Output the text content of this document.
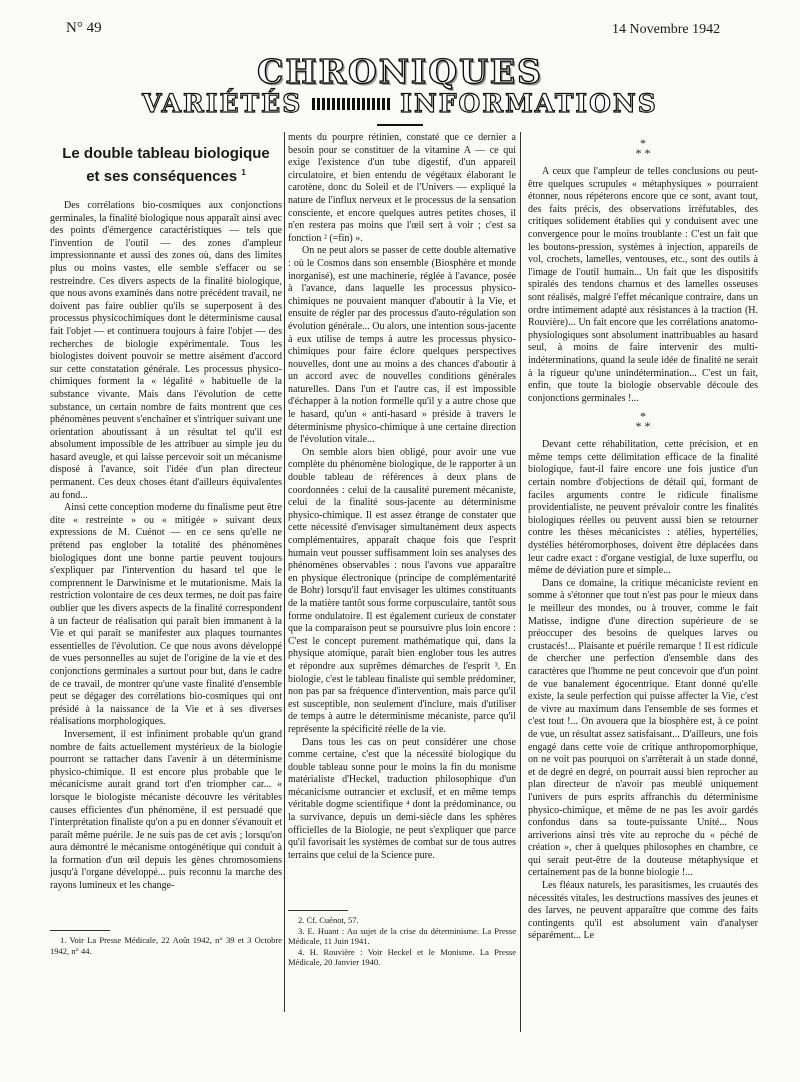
N° 49	14 Novembre 1942
CHRONIQUES
VARIÉTÉS	INFORMATIONS
Le double tableau biologique
et ses conséquences $^1$

Des corrélations bio-cosmiques aux conjonctions germinales, la finalité biologique nous apparaît ainsi avec des points d'émergence caractéristiques — tels que l'invention de l'outil — des zones d'ampleur impressionnante et aussi des zones où, dans des limites plus ou moins vastes, elle semble s'effacer ou se restreindre. Ces divers aspects de la finalité biologique, que nous avons examinés dans notre précédent travail, ne doivent pas faire oublier qu'ils se superposent à des processus physicochimiques dont le déterminisme causal fait l'objet — et continuera toujours à faire l'objet — des recherches de biologie expérimentale. Tous les biologistes doivent pouvoir se mettre aisément d'accord sur cette constatation générale. Les processus physico-chimiques forment la « légalité » habituelle de la substance vivante. Mais dans l'évolution de cette substance, un certain nombre de faits montrent que ces phénomènes peuvent s'enchaîner et s'intriquer suivant une orientation aboutissant à un résultat tel qu'il est absolument impossible de les attribuer au simple jeu du hasard aveugle, et qui laisse percevoir soit un mécanisme disposé à l'avance, soit l'idée d'un plan directeur permanent. Ces deux choses étant d'ailleurs équivalentes au fond...

Ainsi cette conception moderne du finalisme peut être dite « restreinte » ou « mitigée » suivant deux expressions de M. Cuénot — en ce sens qu'elle ne prétend pas englober la totalité des phénomènes biologiques dont une bonne partie peuvent toujours s'expliquer par l'intervention du hasard tel que le comprennent le Darwinisme et le mutationisme. Mais la restriction volontaire de ces deux termes, ne doit pas faire oublier que les divers aspects de la finalité correspondent à un facteur de réalisation qui paraît bien immanent à la Vie et qui paraît se manifester aux plaques tournantes essentielles de l'évolution. Ce que nous avons développé de vues personnelles au sujet de l'origine de la vie et des conjonctions germinales a surtout pour but, dans le cadre de ce travail, de montrer qu'une vaste finalité d'ensemble peut se dégager des corrélations bio-cosmiques qui ont présidé à la naissance de la Vie et à ses diverses réalisations morphologiques.

Inversement, il est infiniment probable qu'un grand nombre de faits actuellement mystérieux de la biologie pourront se rattacher dans l'avenir à un déterminisme physico-chimique. Il est encore plus probable que le mécanicisme aurait grand tort d'en triompher car... « lorsque le biologiste mécaniste découvre les véritables causes efficientes d'un phénomène, il est persuadé que l'interprétation finaliste qu'on a pu en donner s'évanouit et paraît même puérile. Je ne suis pas de cet avis ; lorsqu'on aura démontré le mécanisme ontogénétique qui conduit à la formation d'un œil depuis les gènes chromosomiens jusqu'à l'organe développé... puis reconnu la marche des rayons lumineux et les change-

1. Voir La Presse Médicale, 22 Août 1942, n° 39 et 3 Octobre 1942, n° 44.

ments du pourpre rétinien, constaté que ce dernier a besoin pour se constituer de la vitamine A — ce qui exige l'existence d'un tube digestif, d'un appareil circulatoire, et bien entendu de végétaux élaborant le carotène, donc du Soleil et de l'Univers — expliqué la nature de l'influx nerveux et le processus de la sensation consciente, et encore quelques autres petites choses, il n'en restera pas moins que l'œil sert à voir ; c'est sa fonction ² (=fin) ».

On ne peut alors se passer de cette double alternative : où le Cosmos dans son ensemble (Biosphère et monde inorganisé), est une machinerie, réglée à l'avance, posée à l'avance, dans laquelle les processus physico-chimiques ne pouvaient manquer d'aboutir à la Vie, et ensuite de régler par des processus d'auto-régulation son évolution générale... Ou alors, une intention sous-jacente à eux utilise de temps à autre les processus physico-chimiques pour faire éclore quelques perspectives nouvelles, dont une au moins a des chances d'aboutir à un accord avec de nouvelles conditions générales naturelles. Dans l'un et l'autre cas, il est impossible d'échapper à la notion formelle qu'il y a autre chose que le hasard, qu'un « anti-hasard » préside à travers le déterminisme physico-chimique à une certaine direction de l'évolution vitale...

On semble alors bien obligé, pour avoir une vue complète du phénomène biologique, de le rapporter à un double tableau de références à deux plans de coordonnées : celui de la causalité purement mécaniste, celui de la finalité sous-jacente au déterminisme physico-chimique. Il est assez étrange de constater que cette nécessité d'envisager simultanément deux aspects complémentaires, apparaît chaque fois que l'esprit humain veut pousser suffisamment loin ses analyses des phénomènes observables : nous l'avons vue apparaître en physique électronique (principe de complémentarité de Bohr) lorsqu'il faut envisager les ultimes constituants de la matière tantôt sous forme corpusculaire, tantôt sous forme ondulatoire. Il est également curieux de constater que la comparaison peut se poursuivre plus loin encore : C'est le concept purement mathématique qui, dans la physique atomique, paraît bien englober tous les autres et répondre aux suprêmes démarches de l'esprit ³. En biologie, c'est le tableau finaliste qui semble prédominer, non pas par sa fréquence d'intervention, mais parce qu'il est susceptible, non seulement d'inclure, mais d'utiliser de temps à autre le déterminisme mécaniste, parce qu'il représente la spécificité réelle de la vie.

Dans tous les cas on peut considérer une chose comme certaine, c'est que la nécessité biologique du double tableau sonne pour le moins la fin du monisme matérialiste d'Heckel, traduction philosophique d'un mécanicisme outrancier et exclusif, et en même temps véritable dogme scientifique ⁴ dont la prédominance, ou la survivance, depuis un demi-siècle dans les sphères officielles de la Biologie, ne peut s'expliquer que parce qu'il favorisait les systèmes de combat sur de tous autres terrains que celui de la Science pure.

2. Cf. Cuénot, 57.

3. E. Huant : Au sujet de la crise du déterminisme. La Presse Médicale, 11 Juin 1941.

4. H. Rouvière : Voir Heckel et le Monisme. La Presse Médicale, 20 Janvier 1940.

*
* *

A ceux que l'ampleur de telles conclusions ou peut-être quelques scrupules « métaphysiques » pourraient étonner, nous répéterons encore que ce sont, avant tout, des faits précis, des observations irréfutables, des critiques solidement établies qui y conduisent avec une convergence pour le moins troublante : C'est un fait que les boutons-pression, systèmes à injection, appareils de vol, crochets, lamelles, ventouses, etc., sont des outils à l'image de l'outil humain... Un fait que les dispositifs spiralés des tendons charnus et des lamelles osseuses sont réalisés, malgré l'effet mécanique contraire, dans un ordre intimement adapté aux résistances à la traction (H. Rouvière)... Un fait encore que les corrélations anatomo-physiologiques sont absolument inattribuables au hasard seul, à moins de faire intervenir des multi-indéterminations, quand la seule idée de finalité ne serait à la rigueur qu'une unindétermination... C'est un fait, enfin, que toute la biologie observable découle des conjonctions germinales !...

*
* *

Devant cette réhabilitation, cette précision, et en même temps cette délimitation efficace de la finalité biologique, faut-il faire encore une fois justice d'un certain nombre d'objections de détail qui, formant de faciles arguments contre le ridicule finalisme providentialiste, ne peuvent prévaloir contre les finalités biologiques réelles ou peuvent aussi bien se retourner contre les thèses mécanicistes : atélies, hypertélies, dystélies hétéromorphoses, doivent être déplacées dans leur cadre exact : d'organe vestigial, de luxe superflu, ou même de déviation pure et simple...

Dans ce domaine, la critique mécaniciste revient en somme à s'étonner que tout n'est pas pour le mieux dans le meilleur des mondes, ou à trouver, comme le fait Matisse, indigne d'une direction supérieure de se préoccuper des besoins de quelques larves ou crustacés!... Plaisante et puérile remarque ! Il est ridicule de chercher une perfection d'ensemble dans des caractères que l'homme ne peut concevoir que d'un point de vue banalement égocentrique. Etant donné qu'elle existe, la seule perfection qui puisse affecter la Vie, c'est de vivre au maximum dans l'ensemble de ses formes et c'est tout !... On avouera que la biosphère est, à ce point de vue, un résultat assez satisfaisant... D'ailleurs, une fois engagé dans cette voie de critique anthropomorphique, on ne voit pas pourquoi on s'arrêterait à un stade donné, et de degré en degré, on pourrait aussi bien reprocher au plan directeur de n'avoir pas meublé uniquement l'univers de purs esprits affranchis du déterminisme physico-chimique, et même de ne pas les avoir gardés confondus dans sa toute-puissante Unité... Nous arriverions ainsi très vite au reproche du « péché de création », cher à quelques philosophes en chambre, ce qui serait peut-être de la douteuse métaphysique et certainement pas de la bonne biologie !...

Les fléaux naturels, les parasitismes, les cruautés des nécessités vitales, les destructions massives des jeunes et des larves, ne peuvent apparaître que comme des faits contingents qu'il est absolument vain d'analyser séparément... Le
